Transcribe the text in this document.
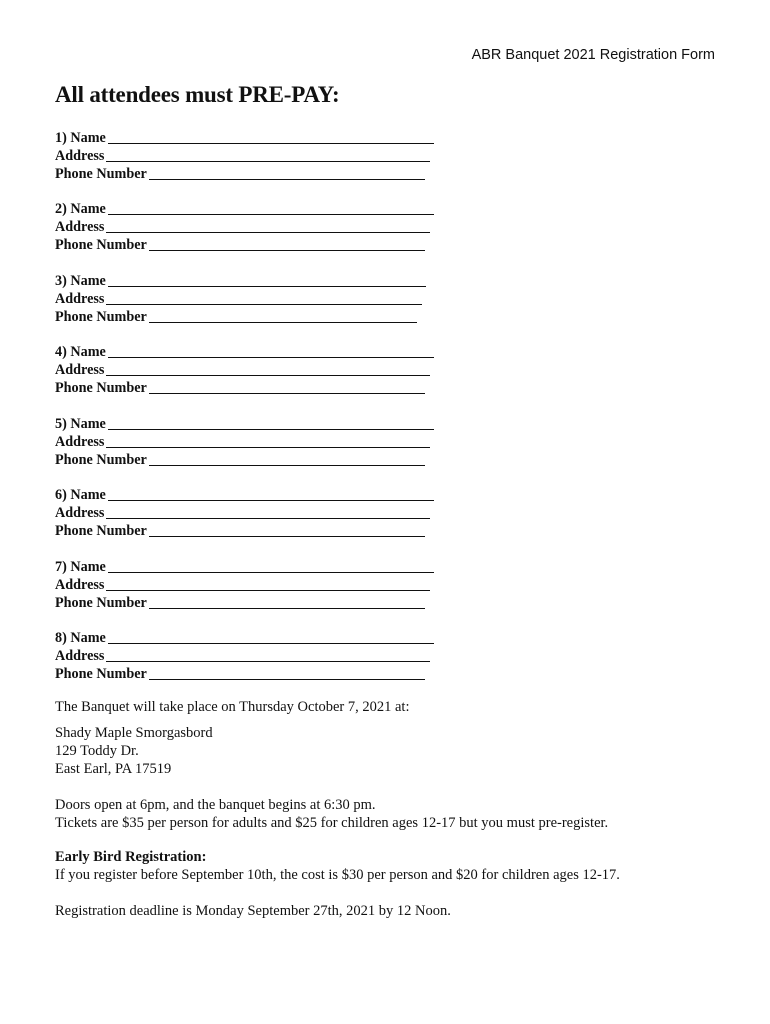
ABR Banquet 2021 Registration Form
All attendees must PRE-PAY:
1) Name
Address
Phone Number
2) Name
Address
Phone Number
3) Name
Address
Phone Number
4) Name
Address
Phone Number
5) Name
Address
Phone Number
6) Name
Address
Phone Number
7) Name
Address
Phone Number
8) Name
Address
Phone Number

The Banquet will take place on Thursday October 7, 2021 at:

Shady Maple Smorgasbord

129 Toddy Dr.

East Earl, PA 17519

Doors open at 6pm, and the banquet begins at 6:30 pm.

Tickets are $35 per person for adults and $25 for children ages 12-17 but you must pre-register.

Early Bird Registration:

If you register before September 10th, the cost is $30 per person and $20 for children ages 12-17.

Registration deadline is Monday September 27th, 2021 by 12 Noon.
